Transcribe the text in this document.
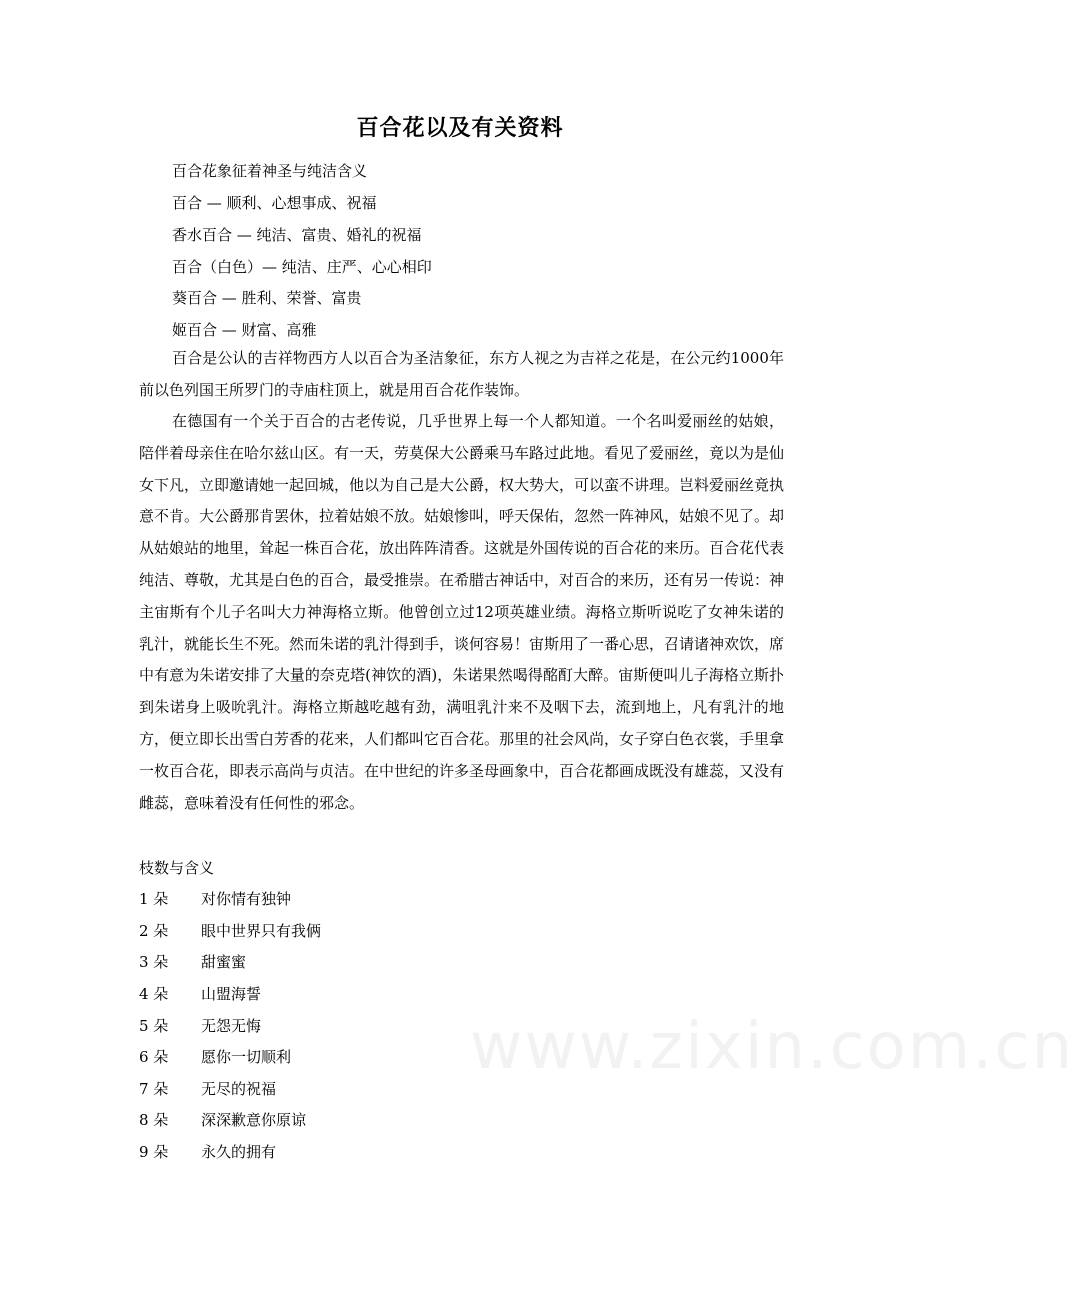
www.zixin.com.cn
百合花以及有关资料
百合花象征着神圣与纯洁含义
百合 — 顺利、心想事成、祝福
香水百合 — 纯洁、富贵、婚礼的祝福
百合（白色）— 纯洁、庄严、心心相印
葵百合 — 胜利、荣誉、富贵
姬百合 — 财富、高雅
百合是公认的吉祥物西方人以百合为圣洁象征，东方人视之为吉祥之花是，在公元约1000年前以色列国王所罗门的寺庙柱顶上，就是用百合花作装饰。
在德国有一个关于百合的古老传说，几乎世界上每一个人都知道。一个名叫爱丽丝的姑娘，陪伴着母亲住在哈尔兹山区。有一天，劳莫保大公爵乘马车路过此地。看见了爱丽丝，竟以为是仙女下凡，立即邀请她一起回城，他以为自己是大公爵，权大势大，可以蛮不讲理。岂料爱丽丝竟执意不肯。大公爵那肯罢休，拉着姑娘不放。姑娘惨叫，呼天保佑，忽然一阵神风，姑娘不见了。却从姑娘站的地里，耸起一株百合花，放出阵阵清香。这就是外国传说的百合花的来历。百合花代表纯洁、尊敬，尤其是白色的百合，最受推崇。在希腊古神话中，对百合的来历，还有另一传说：神主宙斯有个儿子名叫大力神海格立斯。他曾创立过12项英雄业绩。海格立斯听说吃了女神朱诺的乳汁，就能长生不死。然而朱诺的乳汁得到手，谈何容易！宙斯用了一番心思，召请诸神欢饮，席中有意为朱诺安排了大量的奈克塔(神饮的酒)，朱诺果然喝得酩酊大醉。宙斯便叫儿子海格立斯扑到朱诺身上吸吮乳汁。海格立斯越吃越有劲，满咀乳汁来不及咽下去，流到地上，凡有乳汁的地方，便立即长出雪白芳香的花来，人们都叫它百合花。那里的社会风尚，女子穿白色衣裳，手里拿一枚百合花，即表示高尚与贞洁。在中世纪的许多圣母画象中，百合花都画成既没有雄蕊，又没有雌蕊，意味着没有任何性的邪念。
枝数与含义
1 朵 对你情有独钟
2 朵 眼中世界只有我俩
3 朵 甜蜜蜜
4 朵 山盟海誓
5 朵 无怨无悔
6 朵 愿你一切顺利
7 朵 无尽的祝福
8 朵 深深歉意你原谅
9 朵 永久的拥有
